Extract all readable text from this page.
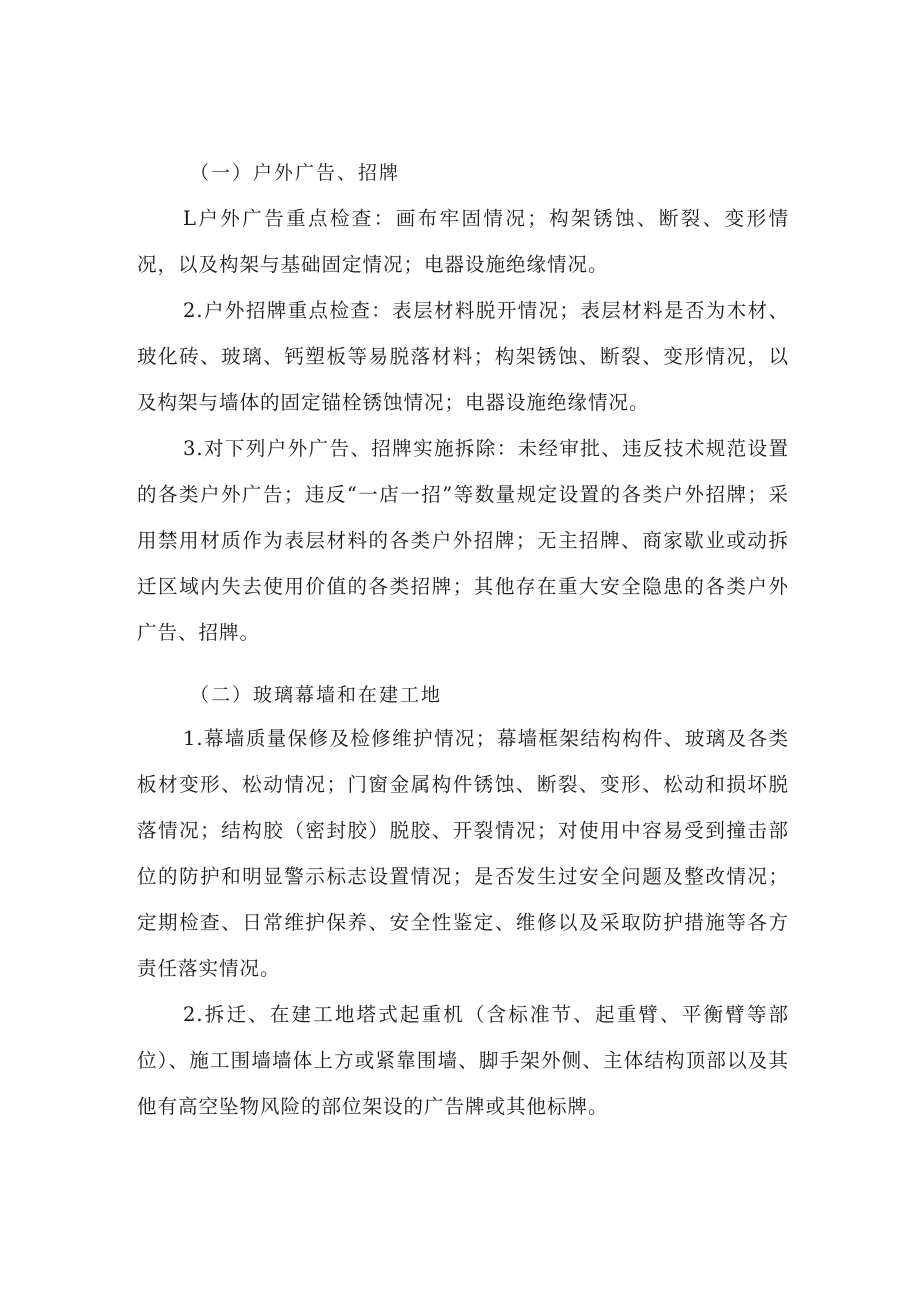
（一）户外广告、招牌

L户外广告重点检查：画布牢固情况；构架锈蚀、断裂、变形情况，以及构架与基础固定情况；电器设施绝缘情况。

2.户外招牌重点检查：表层材料脱开情况；表层材料是否为木材、玻化砖、玻璃、钙塑板等易脱落材料；构架锈蚀、断裂、变形情况，以及构架与墙体的固定锚栓锈蚀情况；电器设施绝缘情况。

3.对下列户外广告、招牌实施拆除：未经审批、违反技术规范设置的各类户外广告；违反“一店一招”等数量规定设置的各类户外招牌；采用禁用材质作为表层材料的各类户外招牌；无主招牌、商家歇业或动拆迁区域内失去使用价值的各类招牌；其他存在重大安全隐患的各类户外广告、招牌。

（二）玻璃幕墙和在建工地

1.幕墙质量保修及检修维护情况；幕墙框架结构构件、玻璃及各类板材变形、松动情况；门窗金属构件锈蚀、断裂、变形、松动和损坏脱落情况；结构胶（密封胶）脱胶、开裂情况；对使用中容易受到撞击部位的防护和明显警示标志设置情况；是否发生过安全问题及整改情况；定期检查、日常维护保养、安全性鉴定、维修以及采取防护措施等各方责任落实情况。

2.拆迁、在建工地塔式起重机（含标准节、起重臂、平衡臂等部位）、施工围墙墙体上方或紧靠围墙、脚手架外侧、主体结构顶部以及其他有高空坠物风险的部位架设的广告牌或其他标牌。
